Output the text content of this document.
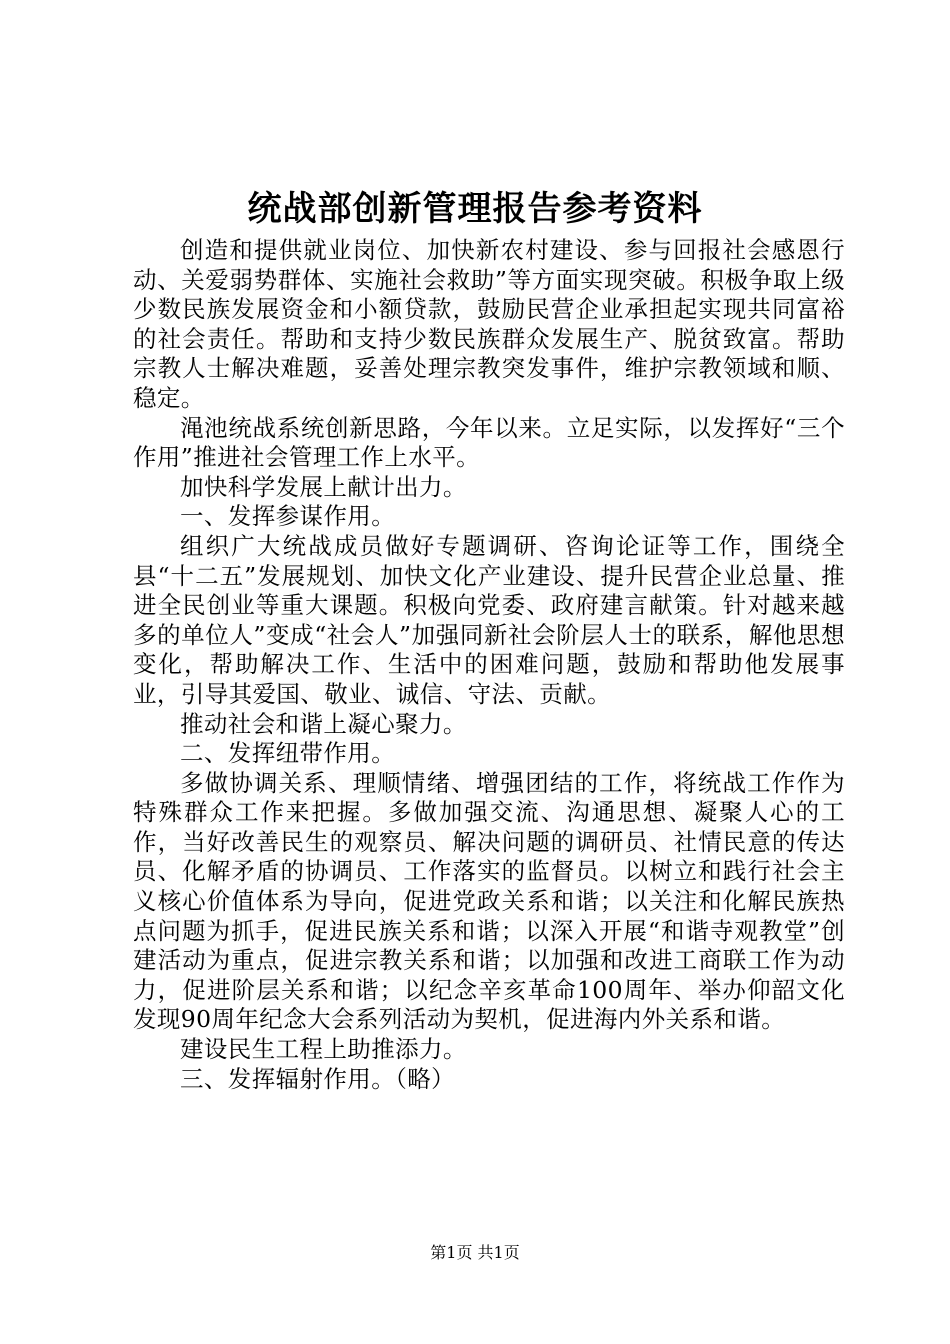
统战部创新管理报告参考资料

创造和提供就业岗位、加快新农村建设、参与回报社会感恩行动、关爱弱势群体、实施社会救助”等方面实现突破。积极争取上级少数民族发展资金和小额贷款，鼓励民营企业承担起实现共同富裕的社会责任。帮助和支持少数民族群众发展生产、脱贫致富。帮助宗教人士解决难题，妥善处理宗教突发事件，维护宗教领域和顺、稳定。

渑池统战系统创新思路，今年以来。立足实际，以发挥好“三个作用”推进社会管理工作上水平。

加快科学发展上献计出力。

一、发挥参谋作用。

组织广大统战成员做好专题调研、咨询论证等工作，围绕全县“十二五”发展规划、加快文化产业建设、提升民营企业总量、推进全民创业等重大课题。积极向党委、政府建言献策。针对越来越多的单位人”变成“社会人”加强同新社会阶层人士的联系，解他思想变化，帮助解决工作、生活中的困难问题，鼓励和帮助他发展事业，引导其爱国、敬业、诚信、守法、贡献。

推动社会和谐上凝心聚力。

二、发挥纽带作用。

多做协调关系、理顺情绪、增强团结的工作，将统战工作作为特殊群众工作来把握。多做加强交流、沟通思想、凝聚人心的工作，当好改善民生的观察员、解决问题的调研员、社情民意的传达员、化解矛盾的协调员、工作落实的监督员。以树立和践行社会主义核心价值体系为导向，促进党政关系和谐；以关注和化解民族热点问题为抓手，促进民族关系和谐；以深入开展“和谐寺观教堂”创建活动为重点，促进宗教关系和谐；以加强和改进工商联工作为动力，促进阶层关系和谐；以纪念辛亥革命100周年、举办仰韶文化发现90周年纪念大会系列活动为契机，促进海内外关系和谐。

建设民生工程上助推添力。

三、发挥辐射作用。（略）

第1页 共1页
